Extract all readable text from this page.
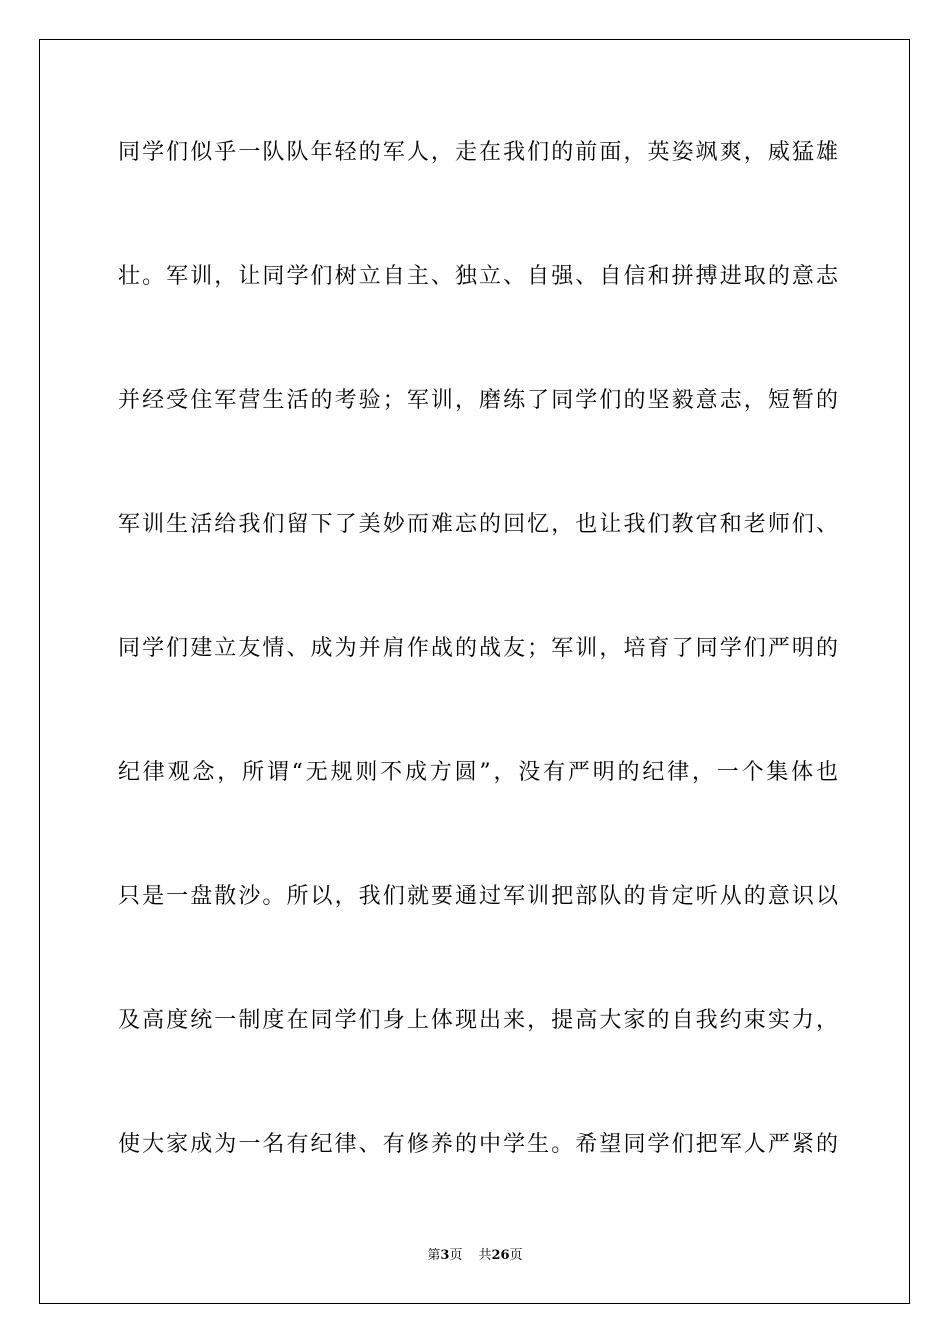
同学们似乎一队队年轻的军人，走在我们的前面，英姿飒爽，威猛雄
壮。军训，让同学们树立自主、独立、自强、自信和拼搏进取的意志
并经受住军营生活的考验；军训，磨练了同学们的坚毅意志，短暂的
军训生活给我们留下了美妙而难忘的回忆，也让我们教官和老师们、
同学们建立友情、成为并肩作战的战友；军训，培育了同学们严明的
纪律观念，所谓“无规则不成方圆”，没有严明的纪律，一个集体也
只是一盘散沙。所以，我们就要通过军训把部队的肯定听从的意识以
及高度统一制度在同学们身上体现出来，提高大家的自我约束实力，
使大家成为一名有纪律、有修养的中学生。希望同学们把军人严紧的
第3页 共26页
